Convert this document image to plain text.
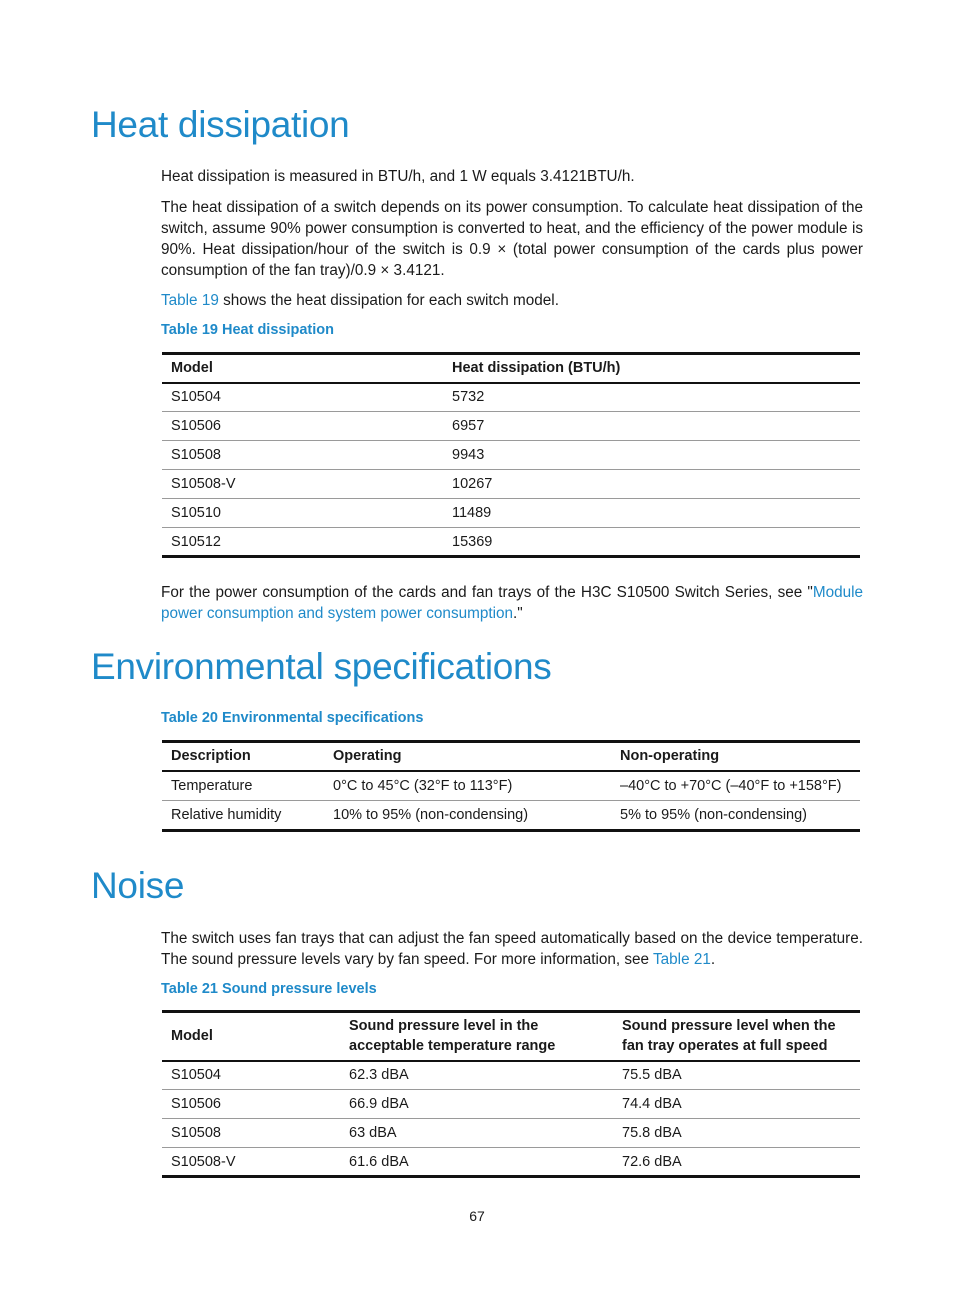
Heat dissipation

Heat dissipation is measured in BTU/h, and 1 W equals 3.4121BTU/h.

The heat dissipation of a switch depends on its power consumption. To calculate heat dissipation of the switch, assume 90% power consumption is converted to heat, and the efficiency of the power module is 90%. Heat dissipation/hour of the switch is 0.9 × (total power consumption of the cards plus power consumption of the fan tray)/0.9 × 3.4121.

Table 19 shows the heat dissipation for each switch model.

Table 19 Heat dissipation

Model	Heat dissipation (BTU/h)
S10504	5732
S10506	6957
S10508	9943
S10508-V	10267
S10510	11489
S10512	15369

For the power consumption of the cards and fan trays of the H3C S10500 Switch Series, see "Module power consumption and system power consumption."

Environmental specifications

Table 20 Environmental specifications

Description	Operating	Non-operating
Temperature	0°C to 45°C (32°F to 113°F)	–40°C to +70°C (–40°F to +158°F)
Relative humidity	10% to 95% (non-condensing)	5% to 95% (non-condensing)
Noise

The switch uses fan trays that can adjust the fan speed automatically based on the device temperature. The sound pressure levels vary by fan speed. For more information, see Table 21.

Table 21 Sound pressure levels

Model	Sound pressure level in the acceptable temperature range	Sound pressure level when the fan tray operates at full speed
S10504	62.3 dBA	75.5 dBA
S10506	66.9 dBA	74.4 dBA
S10508	63 dBA	75.8 dBA
S10508-V	61.6 dBA	72.6 dBA
67
